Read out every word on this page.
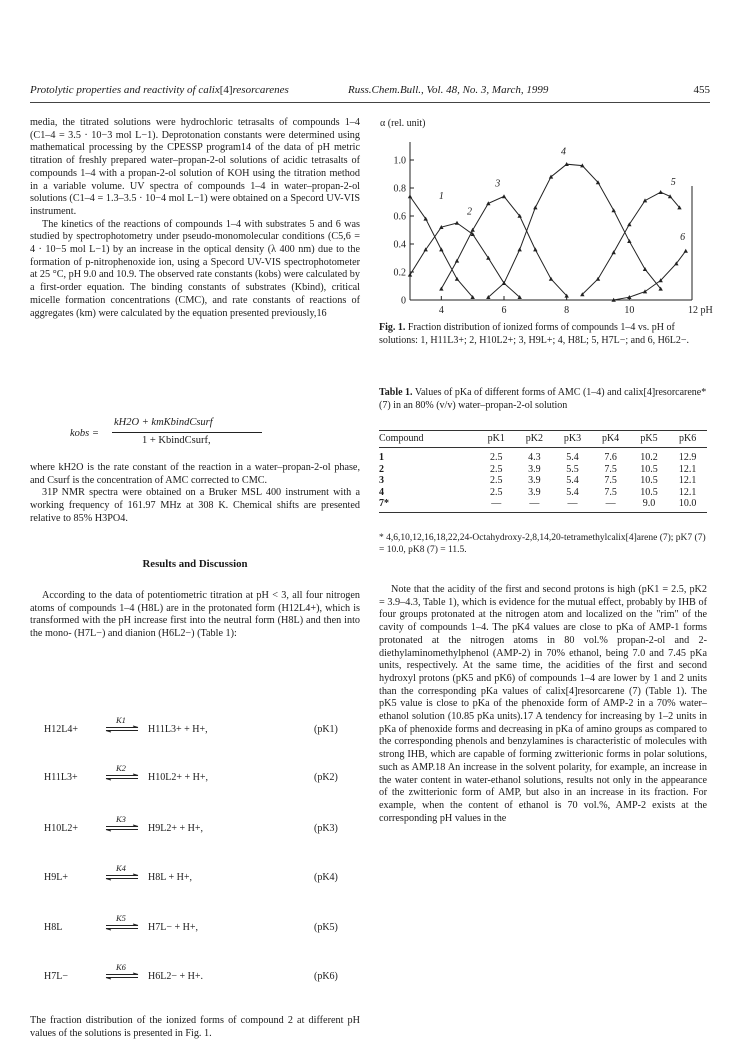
Protolytic properties and reactivity of calix[4]resorcarenes	Russ.Chem.Bull., Vol. 48, No. 3, March, 1999	455

media, the titrated solutions were hydrochloric tetrasalts of compounds 1–4 (C1–4 = 3.5 · 10−3 mol L−1). Deprotonation constants were determined using mathematical processing by the CPESSP program14 of the data of pH metric titration of freshly prepared water–propan-2-ol solutions of acidic tetrasalts of compounds 1–4 with a propan-2-ol solution of KOH using the titration method in a variable volume. UV spectra of compounds 1–4 in water–propan-2-ol solutions (C1–4 = 1.3–3.5 · 10−4 mol L−1) were obtained on a Specord UV-VIS instrument.

The kinetics of the reactions of compounds 1–4 with substrates 5 and 6 was studied by spectrophotometry under pseudo-monomolecular conditions (C5,6 = 4 · 10−5 mol L−1) by an increase in the optical density (λ 400 nm) due to the formation of p-nitrophenoxide ion, using a Specord UV-VIS spectrophotometer at 25 °C, pH 9.0 and 10.9. The observed rate constants (kobs) were calculated by a first-order equation. The binding constants of substrates (Kbind), critical micelle formation concentrations (CMC), and rate constants of reactions of aggregates (km) were calculated by the equation presented previously,16

kobs =
kH2O + kmKbindCsurf
1 + KbindCsurf,

where kH2O is the rate constant of the reaction in a water–propan-2-ol phase, and Csurf is the concentration of AMC corrected to CMC.

31P NMR spectra were obtained on a Bruker MSL 400 instrument with a working frequency of 161.97 MHz at 308 K. Chemical shifts are presented relative to 85% H3PO4.

Results and Discussion

According to the data of potentiometric titration at pH < 3, all four nitrogen atoms of compounds 1–4 (H8L) are in the protonated form (H12L4+), which is transformed with the pH increase first into the neutral form (H8L) and then into the mono- (H7L−) and dianion (H6L2−) (Table 1):

H12L4+
K1
⇌ H11L3+ + H+,	(pK1)
H11L3+
K2
⇌ H10L2+ + H+,	(pK2)
H10L2+
K3
⇌ H9L2+ + H+,	(pK3)
H9L+
K4
⇌ H8L + H+,	(pK4)
H8L
K5
⇌ H7L− + H+,	(pK5)
H7L−
K6
⇌ H6L2− + H+.	(pK6)

The fraction distribution of the ionized forms of compound 2 at different pH values of the solutions is presented in Fig. 1.

α (rel. unit)
0
0.2
0.4
0.6
0.8
1.0
4	6	8	10	12 pH
1
2
3
4
5
6
Fig. 1. Fraction distribution of ionized forms of compounds 1–4 vs. pH of solutions: 1, H11L3+; 2, H10L2+; 3, H9L+; 4, H8L; 5, H7L−; and 6, H6L2−.
Table 1. Values of pKa of different forms of AMC (1–4) and calix[4]resorcarene* (7) in an 80% (v/v) water–propan-2-ol solution
Compound	pK1	pK2	pK3	pK4	pK5	pK6
1	2.5	4.3	5.4	7.6	10.2	12.9
2	2.5	3.9	5.5	7.5	10.5	12.1
3	2.5	3.9	5.4	7.5	10.5	12.1
4	2.5	3.9	5.4	7.5	10.5	12.1
7*	—	—	—	—	9.0	10.0
* 4,6,10,12,16,18,22,24-Octahydroxy-2,8,14,20-tetramethylcalix[4]arene (7); pK7 (7) = 10.0, pK8 (7) = 11.5.

Note that the acidity of the first and second protons is high (pK1 = 2.5, pK2 = 3.9–4.3, Table 1), which is evidence for the mutual effect, probably by IHB of four groups protonated at the nitrogen atom and localized on the "rim" of the cavity of compounds 1–4. The pK4 values are close to pKa of AMP-1 forms protonated at the nitrogen atoms in 80 vol.% propan-2-ol and 2-diethylaminomethylphenol (AMP-2) in 70% ethanol, being 7.0 and 7.45 pKa units, respectively. At the same time, the acidities of the first and second hydroxyl protons (pK5 and pK6) of compounds 1–4 are lower by 1 and 2 units than the corresponding pKa values of calix[4]resorcarene (7) (Table 1). The pK5 value is close to pKa of the phenoxide form of AMP-2 in a 70% water–ethanol solution (10.85 pKa units).17 A tendency for increasing by 1–2 units in pKa of phenoxide forms and decreasing in pKa of amino groups as compared to the corresponding phenols and benzylamines is characteristic of molecules with strong IHB, which are capable of forming zwitterionic forms in polar solutions, such as AMP.18 An increase in the solvent polarity, for example, an increase in the water content in water-ethanol solutions, results not only in the appearance of the zwitterionic form of AMP, but also in an increase in its fraction. For example, when the content of ethanol is 70 vol.%, AMP-2 exists at the corresponding pH values in the
